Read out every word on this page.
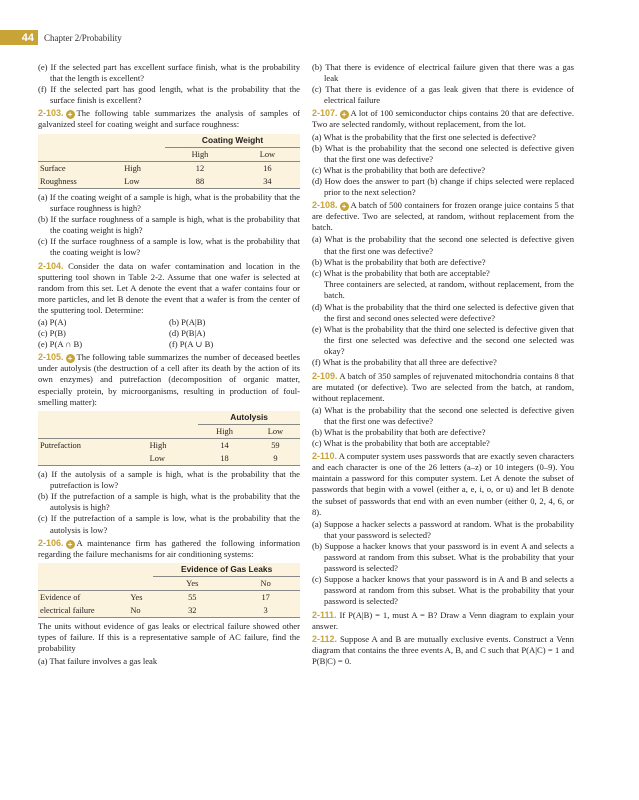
44	Chapter 2/Probability

(e) If the selected part has excellent surface finish, what is the probability that the length is excellent?

(f) If the selected part has good length, what is the probability that the surface finish is excellent?

2-103. + The following table summarizes the analysis of samples of galvanized steel for coating weight and surface roughness:

		Coating Weight	
		High	Low
Surface	High	12	16
Roughness	Low	88	34

(a) If the coating weight of a sample is high, what is the probability that the surface roughness is high?

(b) If the surface roughness of a sample is high, what is the probability that the coating weight is high?

(c) If the surface roughness of a sample is low, what is the probability that the coating weight is low?

2-104. Consider the data on wafer contamination and location in the sputtering tool shown in Table 2-2. Assume that one wafer is selected at random from this set. Let A denote the event that a wafer contains four or more particles, and let B denote the event that a wafer is from the center of the sputtering tool. Determine:

(a) P(A)	(b) P(A|B)
(c) P(B)	(d) P(B|A)
(e) P(A ∩ B)	(f) P(A ∪ B)

2-105. + The following table summarizes the number of deceased beetles under autolysis (the destruction of a cell after its death by the action of its own enzymes) and putrefaction (decomposition of organic matter, especially protein, by microorganisms, resulting in production of foul-smelling matter):

		Autolysis	
		High	Low
Putrefaction	High	14	59
	Low	18	9

(a) If the autolysis of a sample is high, what is the probability that the putrefaction is low?

(b) If the putrefaction of a sample is high, what is the probability that the autolysis is high?

(c) If the putrefaction of a sample is low, what is the probability that the autolysis is low?

2-106. + A maintenance firm has gathered the following information regarding the failure mechanisms for air conditioning systems:

		Evidence of Gas Leaks	
		Yes	No
Evidence of	Yes	55	17
electrical failure	No	32	3

The units without evidence of gas leaks or electrical failure showed other types of failure. If this is a representative sample of AC failure, find the probability

(a) That failure involves a gas leak

(b) That there is evidence of electrical failure given that there was a gas leak

(c) That there is evidence of a gas leak given that there is evidence of electrical failure

2-107. + A lot of 100 semiconductor chips contains 20 that are defective. Two are selected randomly, without replacement, from the lot.

(a) What is the probability that the first one selected is defective?

(b) What is the probability that the second one selected is defective given that the first one was defective?

(c) What is the probability that both are defective?

(d) How does the answer to part (b) change if chips selected were replaced prior to the next selection?

2-108. + A batch of 500 containers for frozen orange juice contains 5 that are defective. Two are selected, at random, without replacement from the batch.

(a) What is the probability that the second one selected is defective given that the first one was defective?

(b) What is the probability that both are defective?

(c) What is the probability that both are acceptable?

Three containers are selected, at random, without replacement, from the batch.

(d) What is the probability that the third one selected is defective given that the first and second ones selected were defective?

(e) What is the probability that the third one selected is defective given that the first one selected was defective and the second one selected was okay?

(f) What is the probability that all three are defective?

2-109. A batch of 350 samples of rejuvenated mitochondria contains 8 that are mutated (or defective). Two are selected from the batch, at random, without replacement.

(a) What is the probability that the second one selected is defective given that the first one was defective?

(b) What is the probability that both are defective?

(c) What is the probability that both are acceptable?

2-110. A computer system uses passwords that are exactly seven characters and each character is one of the 26 letters (a–z) or 10 integers (0–9). You maintain a password for this computer system. Let A denote the subset of passwords that begin with a vowel (either a, e, i, o, or u) and let B denote the subset of passwords that end with an even number (either 0, 2, 4, 6, or 8).

(a) Suppose a hacker selects a password at random. What is the probability that your password is selected?

(b) Suppose a hacker knows that your password is in event A and selects a password at random from this subset. What is the probability that your password is selected?

(c) Suppose a hacker knows that your password is in A and B and selects a password at random from this subset. What is the probability that your password is selected?

2-111. If P(A|B) = 1, must A = B? Draw a Venn diagram to explain your answer.

2-112. Suppose A and B are mutually exclusive events. Construct a Venn diagram that contains the three events A, B, and C such that P(A|C) = 1 and P(B|C) = 0.
